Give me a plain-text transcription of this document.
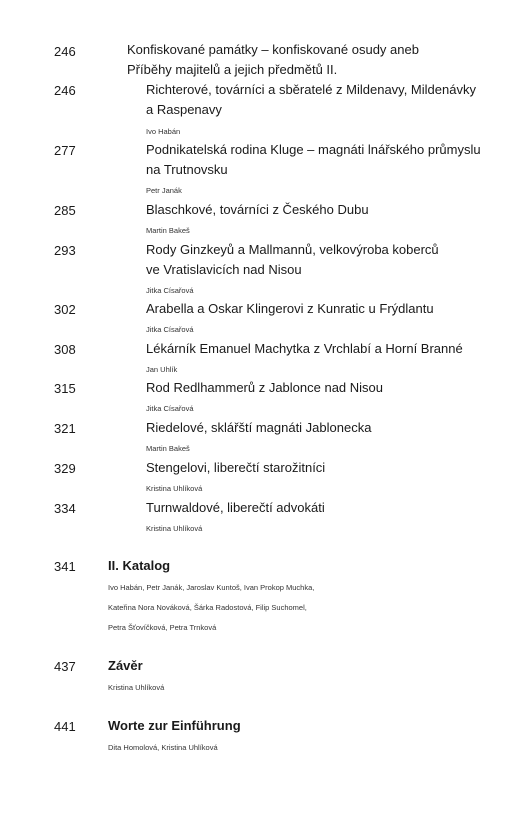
246	Konfiskované památky – konfiskované osudy aneb
Příběhy majitelů a jejich předmětů II.
246	Richterové, továrníci a sběratelé z Mildenavy, Mildenávky
a Raspenavy
Ivo Habán
277	Podnikatelská rodina Kluge – magnáti lnářského průmyslu
na Trutnovsku
Petr Janák
285	Blaschkové, továrníci z Českého Dubu
Martin Bakeš
293	Rody Ginzkeyů a Mallmannů, velkovýroba koberců
ve Vratislavicích nad Nisou
Jitka Císařová
302	Arabella a Oskar Klingerovi z Kunratic u Frýdlantu
Jitka Císařová
308	Lékárník Emanuel Machytka z Vrchlabí a Horní Branné
Jan Uhlík
315	Rod Redlhammerů z Jablonce nad Nisou
Jitka Císařová
321	Riedelové, sklářští magnáti Jablonecka
Martin Bakeš
329	Stengelovi, liberečtí starožitníci
Kristina Uhlíková
334	Turnwaldové, liberečtí advokáti
Kristina Uhlíková
341 II. Katalog
Ivo Habán, Petr Janák, Jaroslav Kuntoš, Ivan Prokop Muchka,
Kateřina Nora Nováková, Šárka Radostová, Filip Suchomel,
Petra Šťovíčková, Petra Trnková
437 Závěr
Kristina Uhlíková
441 Worte zur Einführung
Dita Homolová, Kristina Uhlíková
